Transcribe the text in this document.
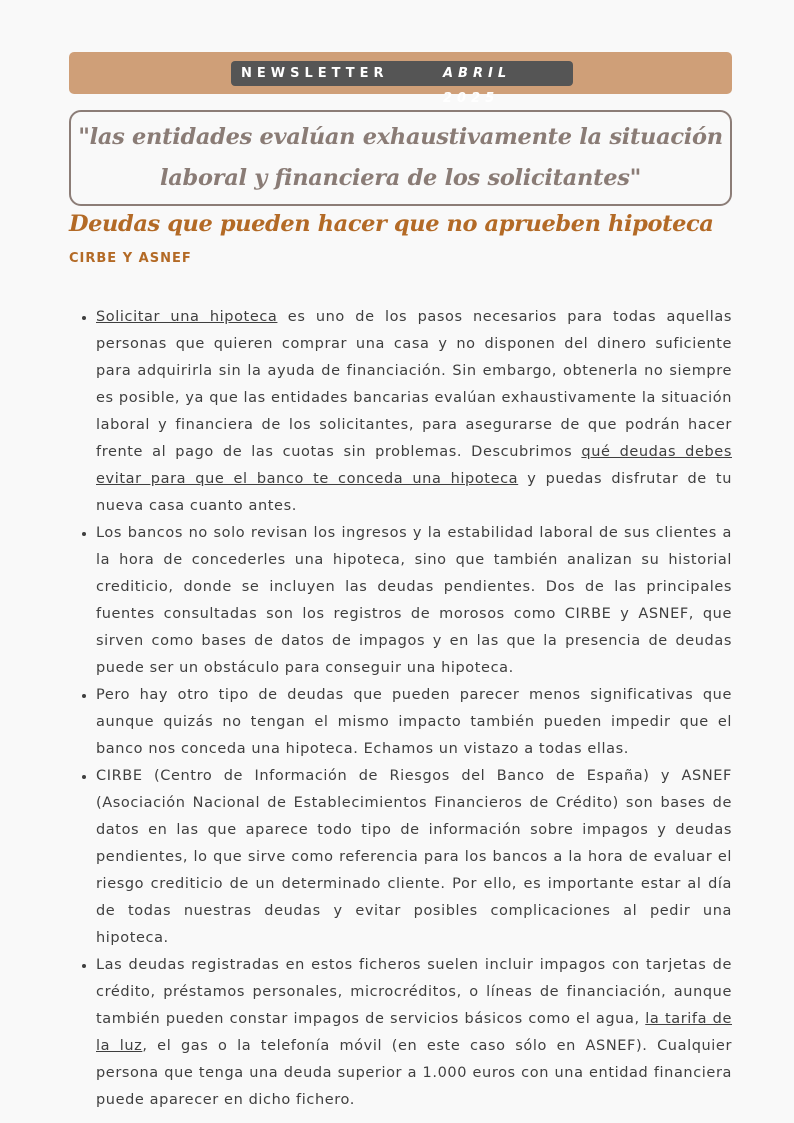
NEWSLETTER	ABRIL 2025
"las entidades evalúan exhaustivamente la situación laboral y financiera de los solicitantes"
Deudas que pueden hacer que no aprueben hipoteca
CIRBE Y ASNEF
• Solicitar una hipoteca es uno de los pasos necesarios para todas aquellas personas que quieren comprar una casa y no disponen del dinero suficiente para adquirirla sin la ayuda de financiación. Sin embargo, obtenerla no siempre es posible, ya que las entidades bancarias evalúan exhaustivamente la situación laboral y financiera de los solicitantes, para asegurarse de que podrán hacer frente al pago de las cuotas sin problemas. Descubrimos qué deudas debes evitar para que el banco te conceda una hipoteca y puedas disfrutar de tu nueva casa cuanto antes.
• Los bancos no solo revisan los ingresos y la estabilidad laboral de sus clientes a la hora de concederles una hipoteca, sino que también analizan su historial crediticio, donde se incluyen las deudas pendientes. Dos de las principales fuentes consultadas son los registros de morosos como CIRBE y ASNEF, que sirven como bases de datos de impagos y en las que la presencia de deudas puede ser un obstáculo para conseguir una hipoteca.
• Pero hay otro tipo de deudas que pueden parecer menos significativas que aunque quizás no tengan el mismo impacto también pueden impedir que el banco nos conceda una hipoteca. Echamos un vistazo a todas ellas.
• CIRBE (Centro de Información de Riesgos del Banco de España) y ASNEF (Asociación Nacional de Establecimientos Financieros de Crédito) son bases de datos en las que aparece todo tipo de información sobre impagos y deudas pendientes, lo que sirve como referencia para los bancos a la hora de evaluar el riesgo crediticio de un determinado cliente. Por ello, es importante estar al día de todas nuestras deudas y evitar posibles complicaciones al pedir una hipoteca.
• Las deudas registradas en estos ficheros suelen incluir impagos con tarjetas de crédito, préstamos personales, microcréditos, o líneas de financiación, aunque también pueden constar impagos de servicios básicos como el agua, la tarifa de la luz, el gas o la telefonía móvil (en este caso sólo en ASNEF). Cualquier persona que tenga una deuda superior a 1.000 euros con una entidad financiera puede aparecer en dicho fichero.
